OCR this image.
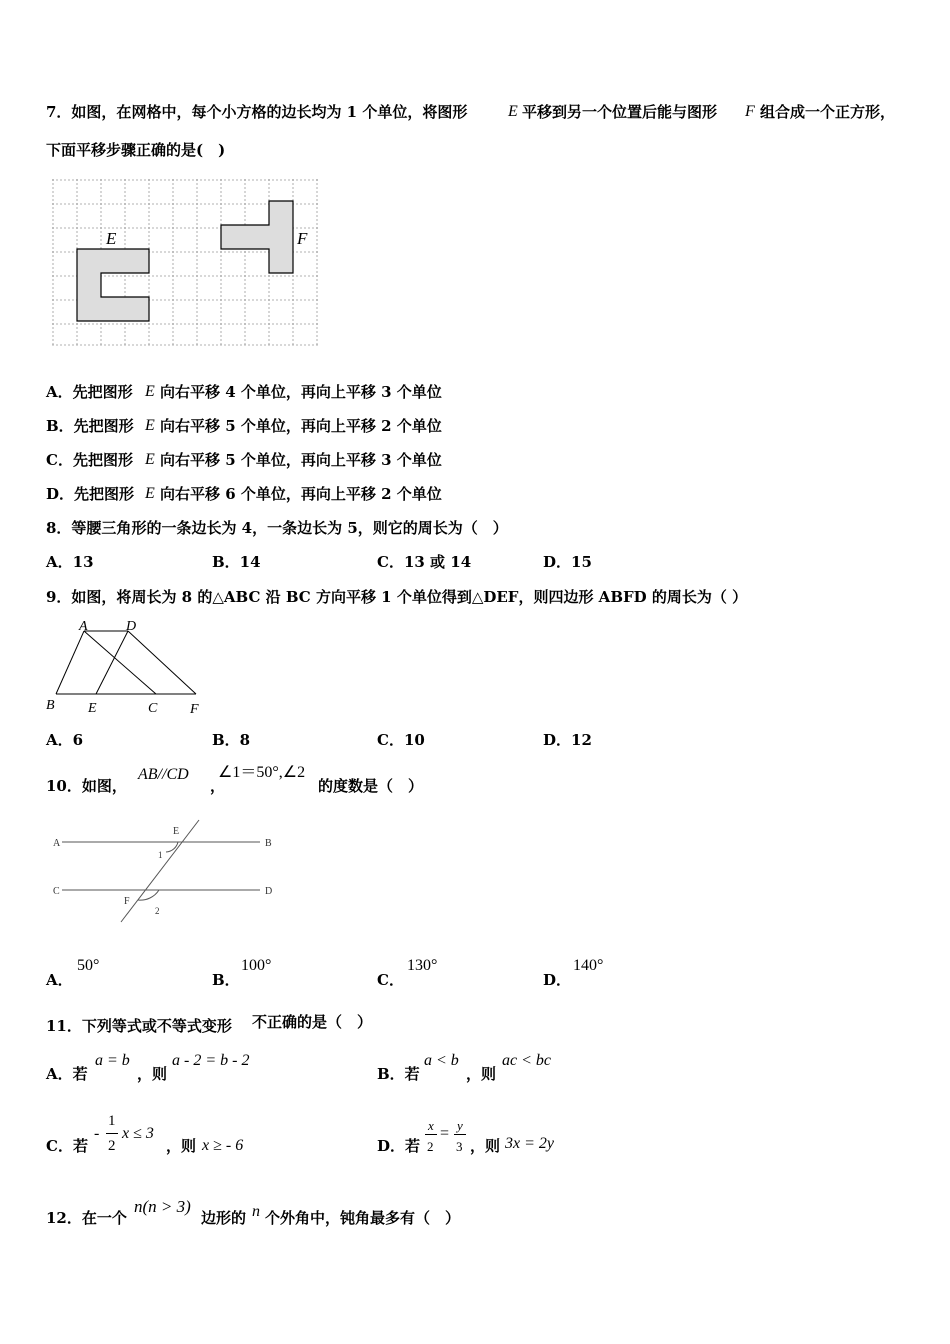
7．如图，在网格中，每个小方格的边长均为 1 个单位，将图形	E 平移到另一个位置后能与图形 F 组合成一个正方形，
下面平移步骤正确的是(　)
E	F
A．先把图形 E 向右平移 4 个单位，再向上平移 3 个单位
B．先把图形 E 向右平移 5 个单位，再向上平移 2 个单位
C．先把图形 E 向右平移 5 个单位，再向上平移 3 个单位
D．先把图形 E 向右平移 6 个单位，再向上平移 2 个单位
8．等腰三角形的一条边长为 4，一条边长为 5，则它的周长为（　）
A．13	B．14	C．13 或 14	D．15
9．如图，将周长为 8 的△ABC 沿 BC 方向平移 1 个单位得到△DEF，则四边形 ABFD 的周长为（ ）
A	D
B E	C F
A．6	B．8	C．10	D．12
10．如图，
AB//CD
，
∠1＝50°,∠2
的度数是（　）
A	B
C	D
E
F
1
2
A．
50°
B．
100°
C．
130°
D．
140°
11．下列等式或不等式变形 不正确的是（　）
A．若
a = b
，则
a - 2 = b - 2
B．若
a < b
，则
ac < bc
C．若
-
1
2
x ≤ 3
，则 x ≥ - 6	D．若
x
2
= y
3 ，则 3x = 2y
12．在一个
n(n > 3)
边形的 n 个外角中，钝角最多有（　）
